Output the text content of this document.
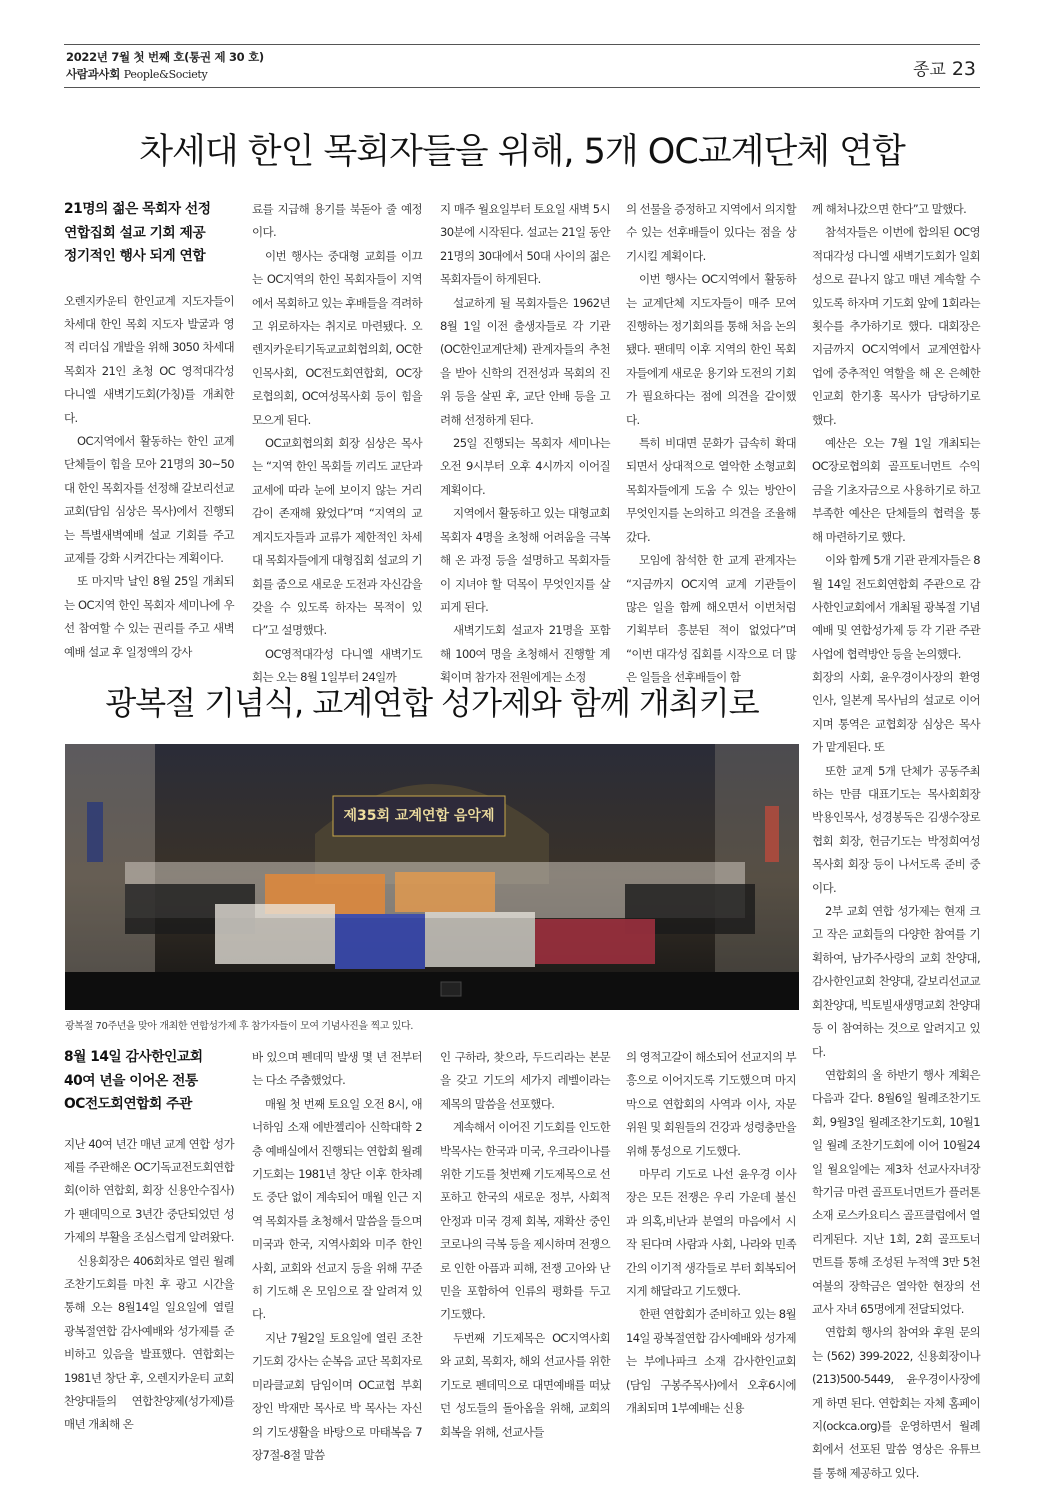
2022년 7월 첫 번째 호(통권 제 30 호)
사람과사회 People&Society	종교 23
차세대 한인 목회자들을 위해, 5개 OC교계단체 연합
21명의 젊은 목회자 선정
연합집회 설교 기회 제공
정기적인 행사 되게 연합

오렌지카운티 한인교계 지도자들이 차세대 한인 목회 지도자 발굴과 영적 리더십 개발을 위해 3050 차세대 목회자 21인 초청 OC 영적대각성 다니엘 새벽기도회(가칭)를 개최한다.

OC지역에서 활동하는 한인 교계단체들이 힘을 모아 21명의 30~50대 한인 목회자를 선정해 갈보리선교교회(담임 심상은 목사)에서 진행되는 특별새벽예배 설교 기회를 주고 교제를 강화 시켜간다는 계획이다.

또 마지막 날인 8월 25일 개최되는 OC지역 한인 목회자 세미나에 우선 참여할 수 있는 권리를 주고 새벽예배 설교 후 일정액의 강사

료를 지급해 용기를 북돋아 줄 예정이다.

이번 행사는 중대형 교회를 이끄는 OC지역의 한인 목회자들이 지역에서 목회하고 있는 후배들을 격려하고 위로하자는 취지로 마련됐다. 오렌지카운티기독교교회협의회, OC한인목사회, OC전도회연합회, OC장로협의회, OC여성목사회 등이 힘을 모으게 된다.

OC교회협의회 회장 심상은 목사는 “지역 한인 목회들 끼리도 교단과 교세에 따라 눈에 보이지 않는 거리감이 존재해 왔었다”며 “지역의 교계지도자들과 교류가 제한적인 차세대 목회자들에게 대형집회 설교의 기회를 줌으로 새로운 도전과 자신감을 갖을 수 있도록 하자는 목적이 있다”고 설명했다.

OC영적대각성 다니엘 새벽기도회는 오는 8월 1일부터 24일까

지 매주 월요일부터 토요일 새벽 5시 30분에 시작된다. 설교는 21일 동안 21명의 30대에서 50대 사이의 젊은 목회자들이 하게된다.

설교하게 될 목회자들은 1962년 8월 1일 이전 출생자들로 각 기관(OC한인교계단체) 관계자들의 추천을 받아 신학의 건전성과 목회의 진위 등을 살핀 후, 교단 안배 등을 고려해 선정하게 된다.

25일 진행되는 목회자 세미나는 오전 9시부터 오후 4시까지 이어질 계획이다.

지역에서 활동하고 있는 대형교회 목회자 4명을 초청해 어려움을 극복해 온 과정 등을 설명하고 목회자들이 지녀야 할 덕목이 무엇인지를 살피게 된다.

새벽기도회 설교자 21명을 포함해 100여 명을 초청해서 진행할 계획이며 참가자 전원에게는 소정

의 선물을 증정하고 지역에서 의지할 수 있는 선후배들이 있다는 점을 상기시킬 계획이다.

이번 행사는 OC지역에서 활동하는 교계단체 지도자들이 매주 모여 진행하는 정기회의를 통해 처음 논의됐다. 팬데믹 이후 지역의 한인 목회자들에게 새로운 용기와 도전의 기회가 필요하다는 점에 의견을 같이했다.

특히 비대면 문화가 급속히 확대되면서 상대적으로 열악한 소형교회 목회자들에게 도움 수 있는 방안이 무엇인지를 논의하고 의견을 조율해 갔다.

모임에 참석한 한 교계 관계자는 “지금까지 OC지역 교계 기관들이 많은 일을 함께 해오면서 이번처럼 기획부터 흥분된 적이 없었다”며 “이번 대각성 집회를 시작으로 더 많은 일들을 선후배들이 함

께 해쳐나갔으면 한다”고 말했다.

참석자들은 이번에 합의된 OC영적대각성 다니엘 새벽기도회가 일회성으로 끝나지 않고 매년 계속할 수 있도록 하자며 기도회 앞에 1회라는 횟수를 추가하기로 했다. 대회장은 지금까지 OC지역에서 교계연합사업에 중추적인 역할을 해 온 은혜한인교회 한기홍 목사가 담당하기로 했다.

예산은 오는 7월 1일 개최되는 OC장로협의회 골프토너먼트 수익금을 기초자금으로 사용하기로 하고 부족한 예산은 단체들의 협력을 통해 마련하기로 했다.

이와 함께 5개 기관 관계자들은 8월 14일 전도회연합회 주관으로 감사한인교회에서 개최될 광복절 기념예배 및 연합성가제 등 각 기관 주관 사업에 협력방안 등을 논의했다.

광복절 기념식, 교계연합 성가제와 함께 개최키로
제35회 교계연합 음악제
광복절 70주년을 맞아 개최한 연합성가제 후 참가자들이 모여 기념사진을 찍고 있다.
8월 14일 감사한인교회
40여 년을 이어온 전통
OC전도회연합회 주관

지난 40여 년간 매년 교계 연합 성가제를 주관해온 OC기독교전도회연합회(이하 연합회, 회장 신용안수집사)가 팬데믹으로 3년간 중단되었던 성가제의 부활을 조심스럽게 알려왔다.

신용회장은 406회차로 열린 월례조찬기도회를 마친 후 광고 시간을 통해 오는 8월14일 일요일에 열릴 광복절연합 감사예배와 성가제를 준비하고 있음을 발표했다. 연합회는 1981년 창단 후, 오렌지카운티 교회 찬양대들의 연합찬양제(성가제)를 매년 개최해 온

바 있으며 펜데믹 발생 몇 년 전부터는 다소 주춤했었다.

매월 첫 번째 토요일 오전 8시, 애너하임 소재 에반젤리아 신학대학 2층 예배실에서 진행되는 연합회 월례기도회는 1981년 창단 이후 한차례도 중단 없이 계속되어 매월 인근 지역 목회자를 초청해서 말씀을 들으며 미국과 한국, 지역사회와 미주 한인사회, 교회와 선교지 등을 위해 꾸준히 기도해 온 모임으로 잘 알려져 있다.

지난 7월2일 토요일에 열린 조찬기도회 강사는 순복음 교단 목회자로 미라클교회 담임이며 OC교협 부회장인 박재만 목사로 박 목사는 자신의 기도생활을 바탕으로 마태복음 7장7절-8절 말씀

인 구하라, 찾으라, 두드리라는 본문을 갖고 기도의 세가지 레벨이라는 제목의 말씀을 선포했다.

계속해서 이어진 기도회를 인도한 박목사는 한국과 미국, 우크라이나를 위한 기도를 첫번째 기도제목으로 선포하고 한국의 새로운 정부, 사회적 안정과 미국 경제 회복, 재확산 중인 코로나의 극복 등을 제시하며 전쟁으로 인한 아픔과 피해, 전쟁 고아와 난민을 포함하여 인류의 평화를 두고 기도했다.

두번째 기도제목은 OC지역사회와 교회, 목회자, 해외 선교사를 위한 기도로 펜데믹으로 대면예배를 떠났던 성도들의 돌아옴을 위해, 교회의 회복을 위해, 선교사들

의 영적고갈이 해소되어 선교지의 부흥으로 이어지도록 기도했으며 마지막으로 연합회의 사역과 이사, 자문위원 및 회원들의 건강과 성령충만을 위해 통성으로 기도했다.

마무리 기도로 나선 윤우경 이사장은 모든 전쟁은 우리 가운데 불신과 의혹,비난과 분열의 마음에서 시작 된다며 사람과 사회, 나라와 민족간의 이기적 생각들로 부터 회복되어지게 해달라고 기도했다.

한편 연합회가 준비하고 있는 8월14일 광복절연합 감사예배와 성가제는 부에나파크 소재 감사한인교회(담임 구봉주목사)에서 오후6시에 개최되며 1부예배는 신용

회장의 사회, 윤우경이사장의 환영인사, 일본계 목사님의 설교로 이어지며 통역은 교협회장 심상은 목사가 맡게된다. 또

또한 교계 5개 단체가 공동주최하는 만큼 대표기도는 목사회회장 박용인목사, 성경봉독은 김생수장로협회 회장, 헌금기도는 박정희여성목사회 회장 등이 나서도록 준비 중이다.

2부 교회 연합 성가제는 현재 크고 작은 교회들의 다양한 참여를 기획하여, 남가주사랑의 교회 찬양대, 감사한인교회 찬양대, 갈보리선교교회찬양대, 빅토빌새생명교회 찬양대 등 이 참여하는 것으로 알려지고 있다.

연합회의 올 하반기 행사 계획은 다음과 같다. 8월6일 월례조찬기도회, 9월3일 월례조찬기도회, 10월1일 월례 조찬기도회에 이어 10월24일 월요일에는 제3차 선교사자녀장학기금 마련 골프토너먼트가 플러톤소재 로스카요티스 골프클럽에서 열리게된다. 지난 1회, 2회 골프토너먼트를 통해 조성된 누적액 3만 5천여불의 장학금은 열악한 현장의 선교사 자녀 65명에게 전달되었다.

연합회 행사의 참여와 후원 문의는 (562) 399-2022, 신용회장이나 (213)500-5449, 윤우경이사장에게 하면 된다. 연합회는 자체 홈페이지(ockca.org)를 운영하면서 월례회에서 선포된 말씀 영상은 유튜브를 통해 제공하고 있다.
